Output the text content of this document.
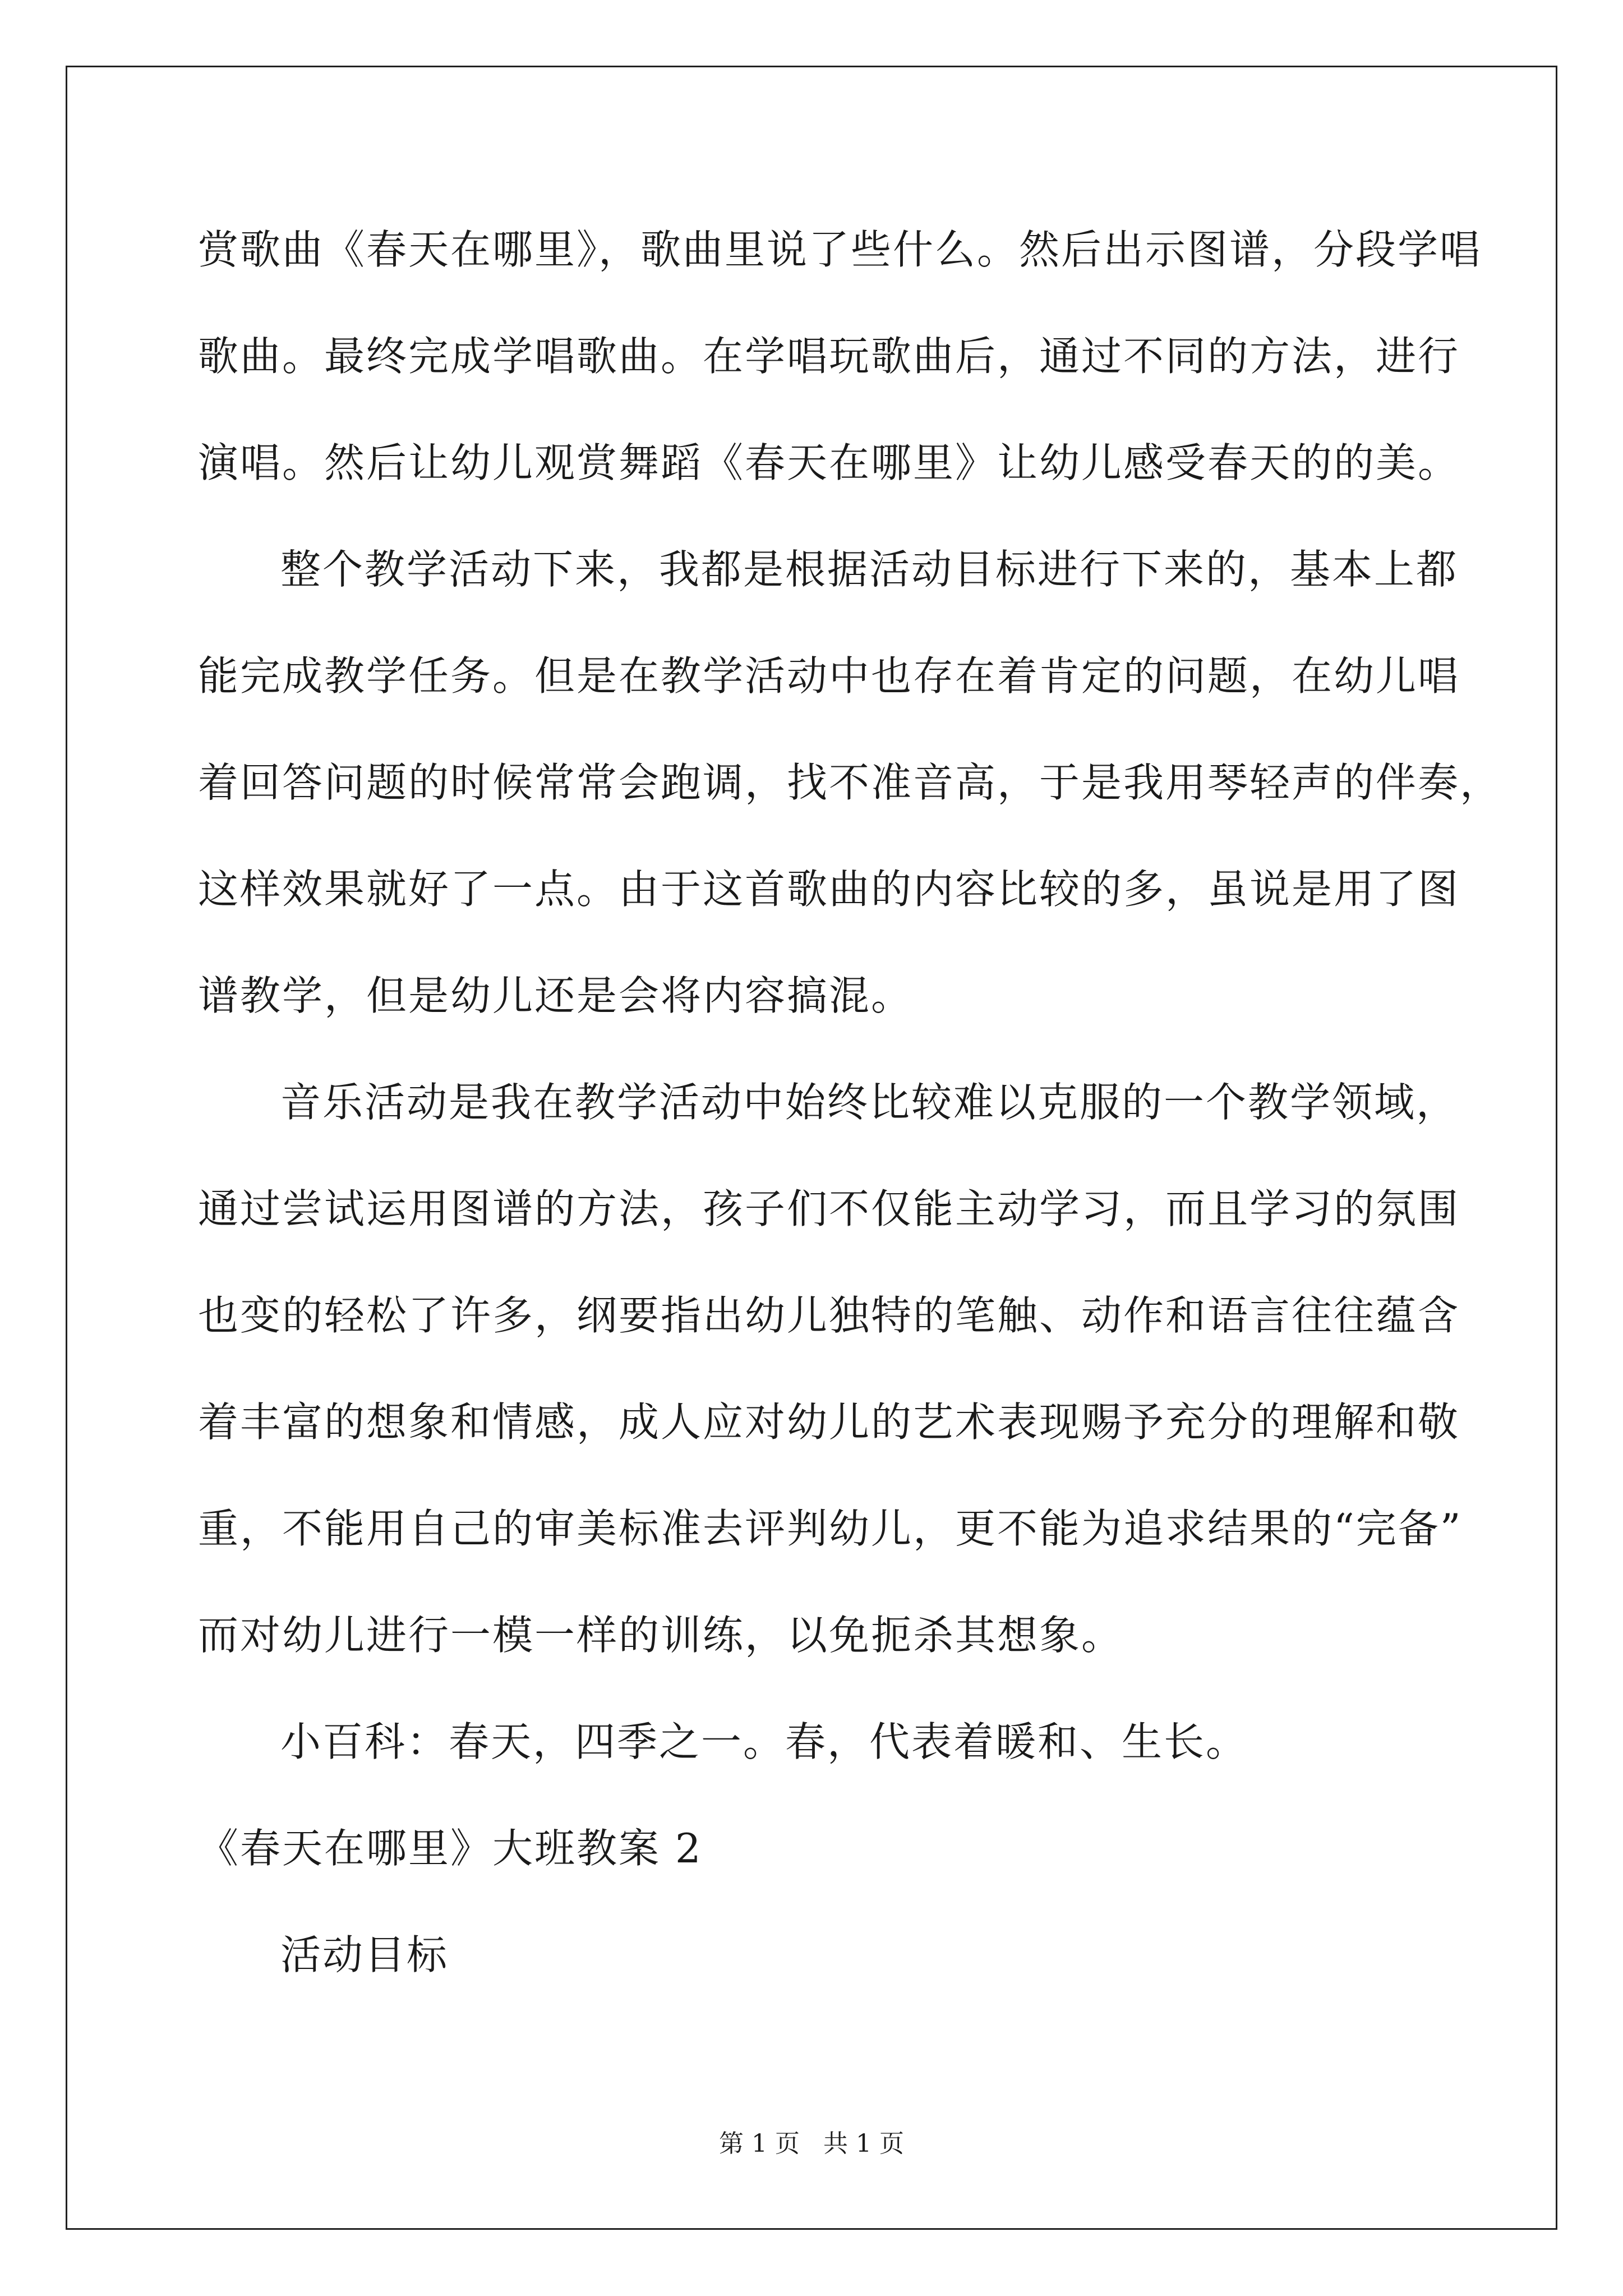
赏歌曲《春天在哪里》，歌曲里说了些什么。然后出示图谱，分段学唱
歌曲。最终完成学唱歌曲。在学唱玩歌曲后，通过不同的方法，进行
演唱。然后让幼儿观赏舞蹈《春天在哪里》让幼儿感受春天的的美。
整个教学活动下来，我都是根据活动目标进行下来的，基本上都
能完成教学任务。但是在教学活动中也存在着肯定的问题，在幼儿唱
着回答问题的时候常常会跑调，找不准音高，于是我用琴轻声的伴奏，
这样效果就好了一点。由于这首歌曲的内容比较的多，虽说是用了图
谱教学，但是幼儿还是会将内容搞混。
音乐活动是我在教学活动中始终比较难以克服的一个教学领域，
通过尝试运用图谱的方法，孩子们不仅能主动学习，而且学习的氛围
也变的轻松了许多，纲要指出幼儿独特的笔触、动作和语言往往蕴含
着丰富的想象和情感，成人应对幼儿的艺术表现赐予充分的理解和敬
重，不能用自己的审美标准去评判幼儿，更不能为追求结果的“完备”
而对幼儿进行一模一样的训练，以免扼杀其想象。
小百科：春天，四季之一。春，代表着暖和、生长。
《春天在哪里》大班教案 2
活动目标
第 1 页   共 1 页
